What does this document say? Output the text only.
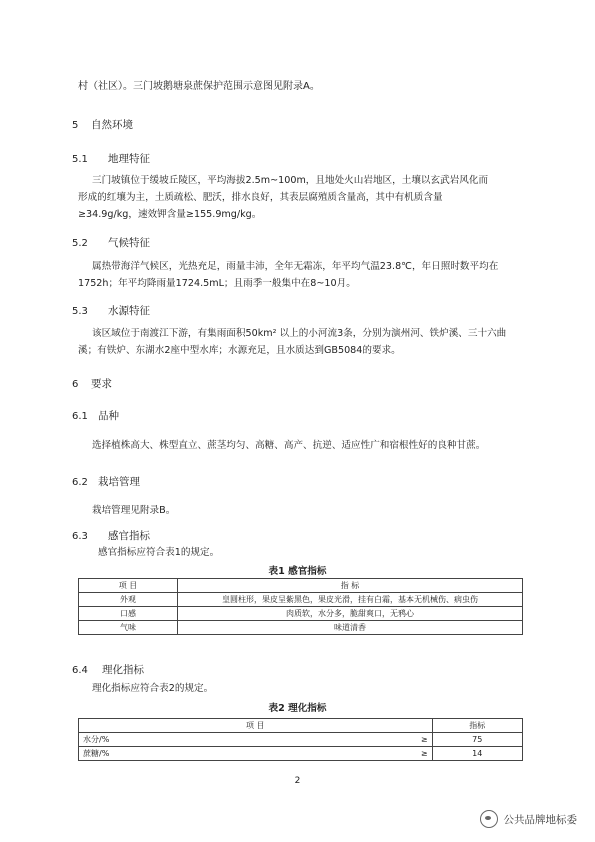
村（社区）。三门坡鹅塘泉蔗保护范围示意图见附录A。
5 自然环境
5.1 地理特征
三门坡镇位于缓坡丘陵区，平均海拔2.5m~100m，且地处火山岩地区，土壤以玄武岩风化而
形成的红壤为主，土质疏松、肥沃，排水良好，其表层腐殖质含量高，其中有机质含量
≥34.9g/kg，速效钾含量≥155.9mg/kg。
5.2 气候特征
属热带海洋气候区，光热充足，雨量丰沛，全年无霜冻，年平均气温23.8℃，年日照时数平均在
1752h；年平均降雨量1724.5mL；且雨季一般集中在8~10月。
5.3 水源特征
该区域位于南渡江下游，有集雨面积50km² 以上的小河流3条，分别为演州河、铁炉溪、三十六曲
溪；有铁炉、东湖水2座中型水库；水源充足，且水质达到GB5084的要求。
6 要求
6.1 品种
选择植株高大、株型直立、蔗茎均匀、高糖、高产、抗逆、适应性广和宿根性好的良种甘蔗。
6.2 栽培管理
栽培管理见附录B。
6.3 感官指标
感官指标应符合表1的规定。
表1 感官指标
项 目	指 标
外观	皇圆柱形，果皮呈紫黑色，果皮光滑，挂有白霜，基本无机械伤、病虫伤
口感	肉质软，水分多，脆甜爽口，无鸦心
气味	味道清香
6.4 理化指标
理化指标应符合表2的规定。
表2 理化指标
项 目		指标
水分/%	≥	75
蔗糖/%	≥	14
2
公共品牌地标委
